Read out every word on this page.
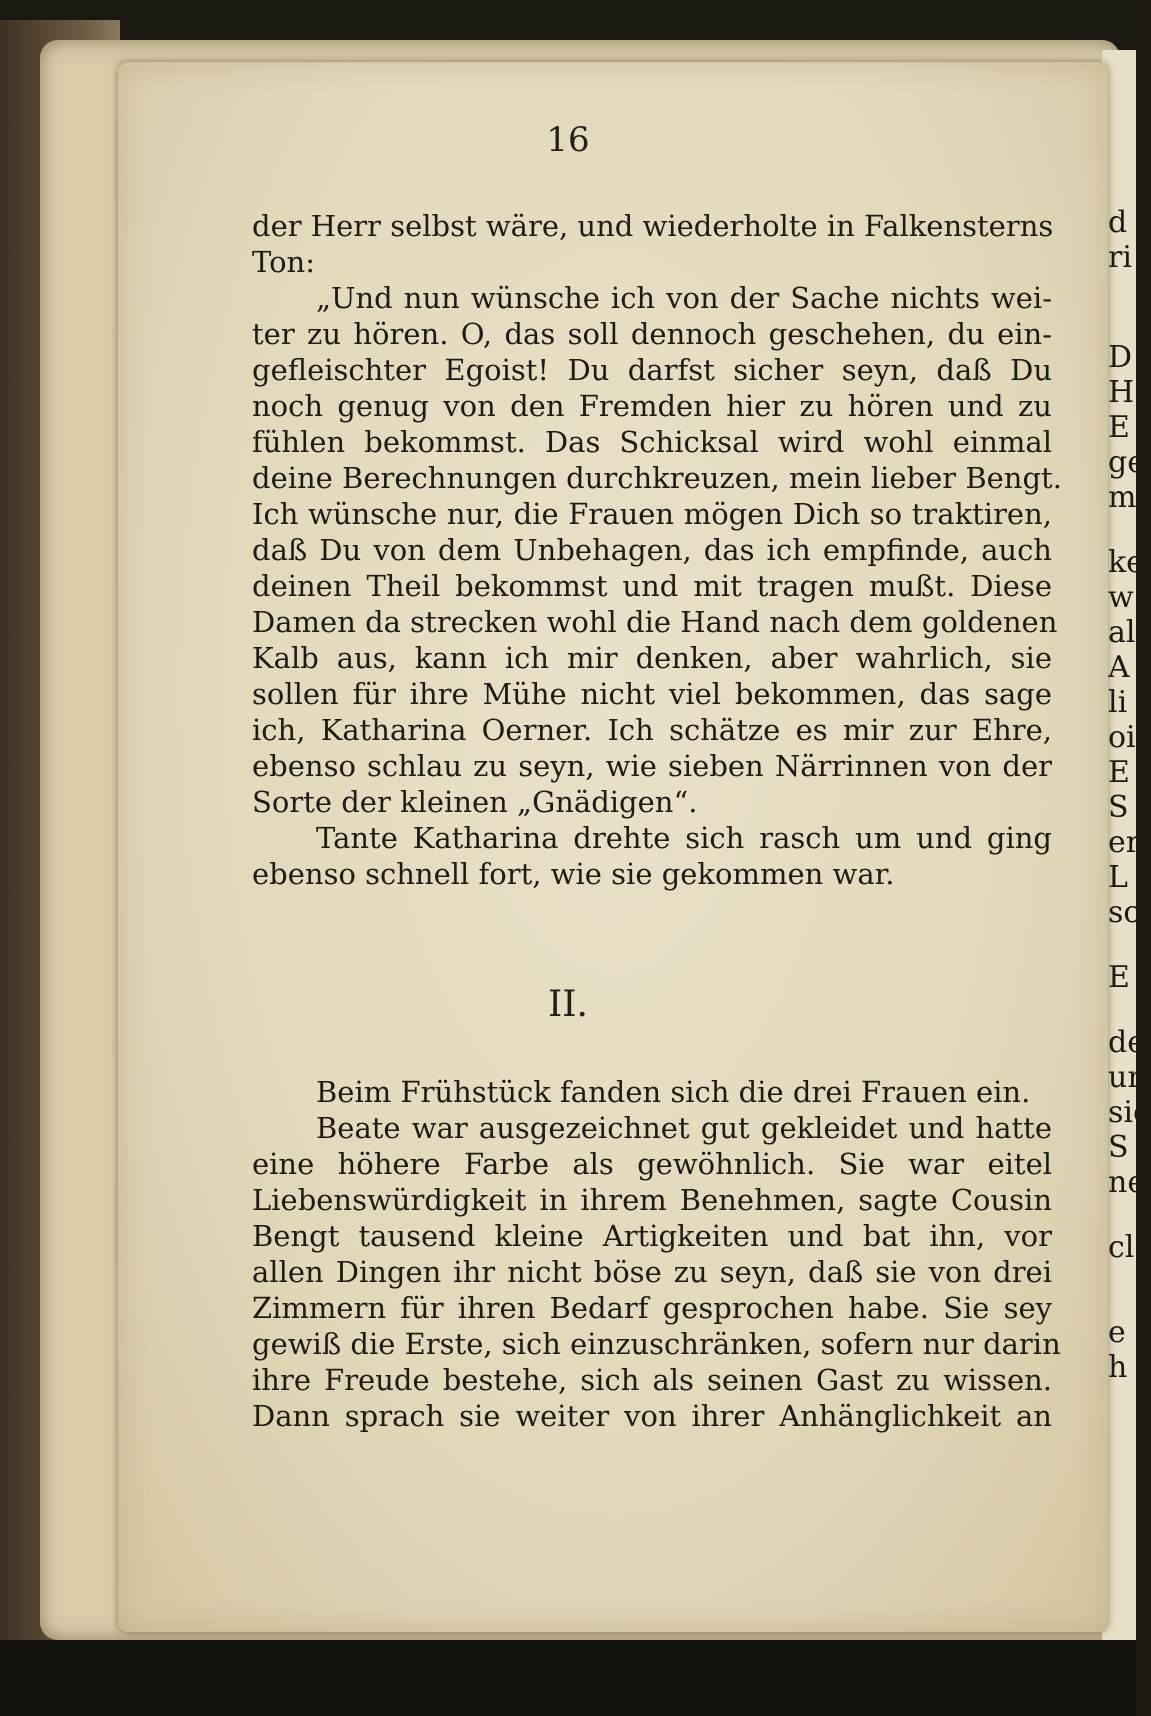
d
ri
D
H
E
ge
m
ke
w
al
A
li
oi
E
S
er
L
sc
E
de
un
sie
S
ne
cl
e
h
16
der Herr selbst wäre, und wiederholte in Falkensterns
Ton:
„Und nun wünsche ich von der Sache nichts wei-
ter zu hören. O, das soll dennoch geschehen, du ein-
gefleischter Egoist! Du darfst sicher seyn, daß Du
noch genug von den Fremden hier zu hören und zu
fühlen bekommst. Das Schicksal wird wohl einmal
deine Berechnungen durchkreuzen, mein lieber Bengt.
Ich wünsche nur, die Frauen mögen Dich so traktiren,
daß Du von dem Unbehagen, das ich empfinde, auch
deinen Theil bekommst und mit tragen mußt. Diese
Damen da strecken wohl die Hand nach dem goldenen
Kalb aus, kann ich mir denken, aber wahrlich, sie
sollen für ihre Mühe nicht viel bekommen, das sage
ich, Katharina Oerner. Ich schätze es mir zur Ehre,
ebenso schlau zu seyn, wie sieben Närrinnen von der
Sorte der kleinen „Gnädigen“.
Tante Katharina drehte sich rasch um und ging
ebenso schnell fort, wie sie gekommen war.
II.
Beim Frühstück fanden sich die drei Frauen ein.
Beate war ausgezeichnet gut gekleidet und hatte
eine höhere Farbe als gewöhnlich. Sie war eitel
Liebenswürdigkeit in ihrem Benehmen, sagte Cousin
Bengt tausend kleine Artigkeiten und bat ihn, vor
allen Dingen ihr nicht böse zu seyn, daß sie von drei
Zimmern für ihren Bedarf gesprochen habe. Sie sey
gewiß die Erste, sich einzuschränken, sofern nur darin
ihre Freude bestehe, sich als seinen Gast zu wissen.
Dann sprach sie weiter von ihrer Anhänglichkeit an
